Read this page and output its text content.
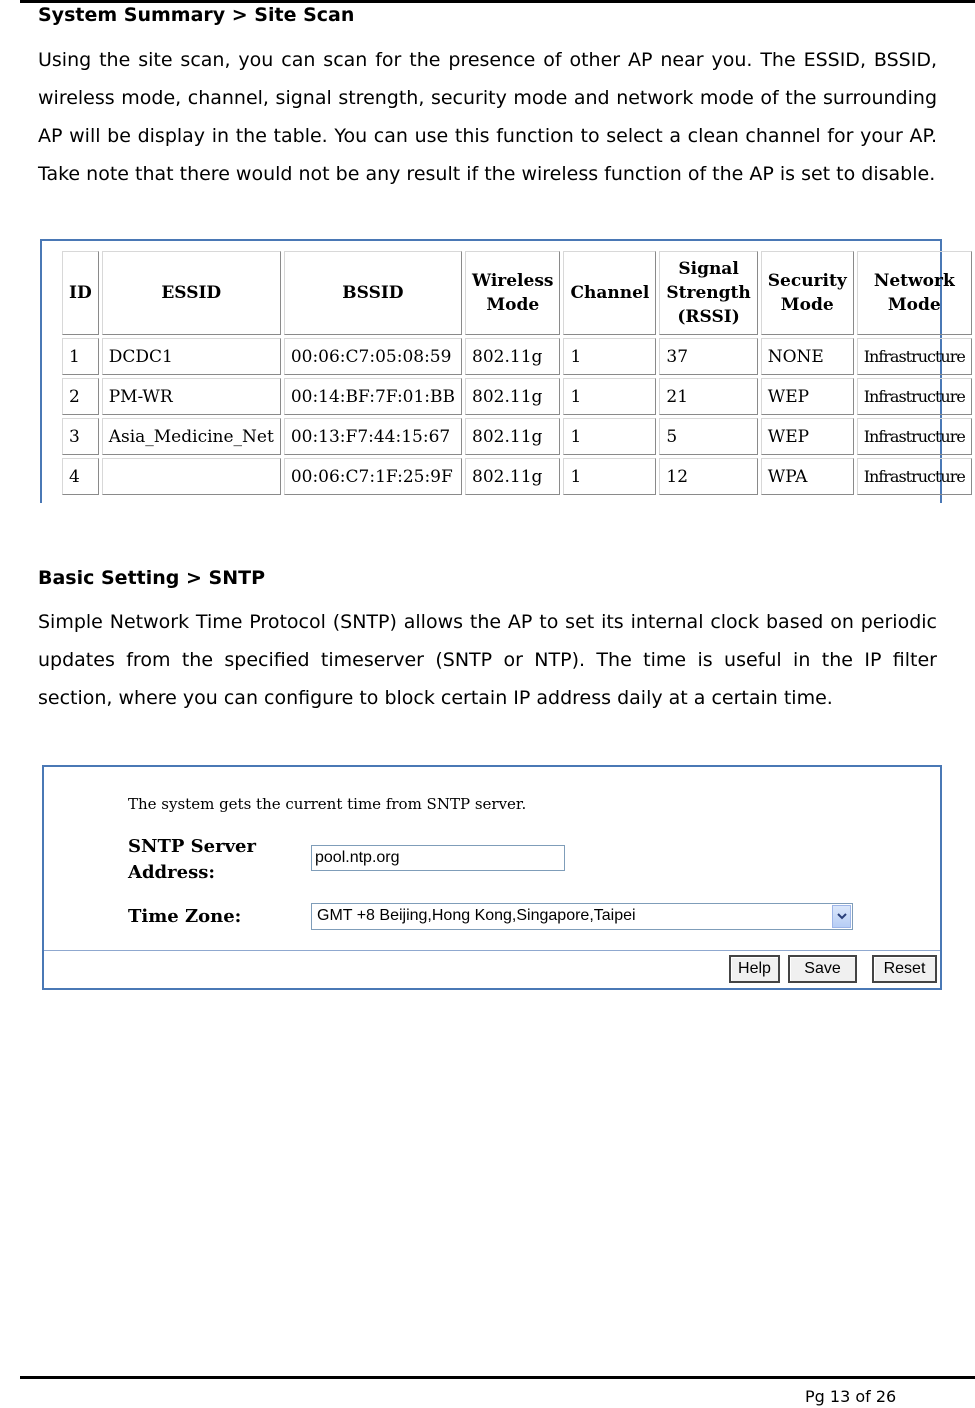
System Summary > Site Scan

Using the site scan, you can scan for the presence of other AP near you. The ESSID, BSSID, wireless mode, channel, signal strength, security mode and network mode of the surrounding AP will be display in the table. You can use this function to select a clean channel for your AP. Take note that there would not be any result if the wireless function of the AP is set to disable.

ID	ESSID	BSSID	Wireless Mode	Channel	Signal Strength (RSSI)	Security Mode	Network Mode
1	DCDC1	00:06:C7:05:08:59	802.11g	1	37	NONE	Infrastructure
2	PM-WR	00:14:BF:7F:01:BB	802.11g	1	21	WEP	Infrastructure
3	Asia_Medicine_Net	00:13:F7:44:15:67	802.11g	1	5	WEP	Infrastructure
4		00:06:C7:1F:25:9F	802.11g	1	12	WPA	Infrastructure
Basic Setting > SNTP

Simple Network Time Protocol (SNTP) allows the AP to set its internal clock based on periodic updates from the specified timeserver (SNTP or NTP). The time is useful in the IP filter section, where you can configure to block certain IP address daily at a certain time.

The system gets the current time from SNTP server.
SNTP Server Address:
pool.ntp.org
Time Zone:	GMT +8 Beijing,Hong Kong,Singapore,Taipei
Help	Save	Reset
Pg 13 of 26
